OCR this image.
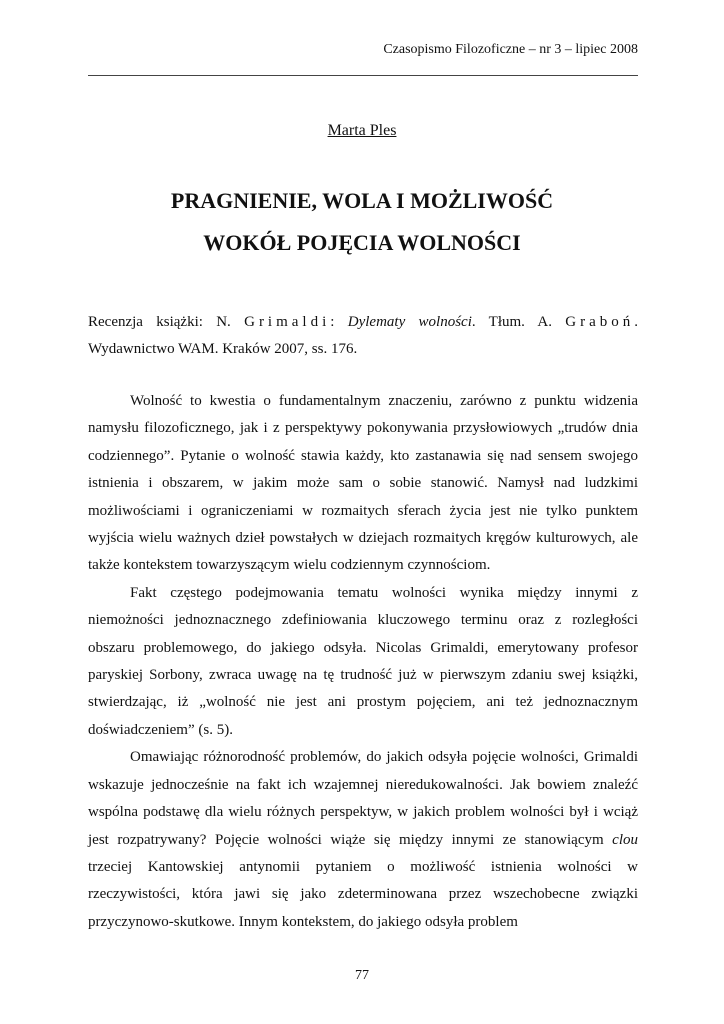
Czasopismo Filozoficzne – nr 3 – lipiec 2008
Marta Ples
PRAGNIENIE, WOLA I MOŻLIWOŚĆ
WOKÓŁ POJĘCIA WOLNOŚCI
Recenzja książki: N. Grimaldi: Dylematy wolności. Tłum. A. Graboń. Wydawnictwo WAM. Kraków 2007, ss. 176.

Wolność to kwestia o fundamentalnym znaczeniu, zarówno z punktu widzenia namysłu filozoficznego, jak i z perspektywy pokonywania przysłowiowych „trudów dnia codziennego”. Pytanie o wolność stawia każdy, kto zastanawia się nad sensem swojego istnienia i obszarem, w jakim może sam o sobie stanowić. Namysł nad ludzkimi możliwościami i ograniczeniami w rozmaitych sferach życia jest nie tylko punktem wyjścia wielu ważnych dzieł powstałych w dziejach rozmaitych kręgów kulturowych, ale także kontekstem towarzyszącym wielu codziennym czynnościom.

Fakt częstego podejmowania tematu wolności wynika między innymi z niemożności jednoznacznego zdefiniowania kluczowego terminu oraz z rozległości obszaru problemowego, do jakiego odsyła. Nicolas Grimaldi, emerytowany profesor paryskiej Sorbony, zwraca uwagę na tę trudność już w pierwszym zdaniu swej książki, stwierdzając, iż „wolność nie jest ani prostym pojęciem, ani też jednoznacznym doświadczeniem” (s. 5).

Omawiając różnorodność problemów, do jakich odsyła pojęcie wolności, Grimaldi wskazuje jednocześnie na fakt ich wzajemnej nieredukowalności. Jak bowiem znaleźć wspólna podstawę dla wielu różnych perspektyw, w jakich problem wolności był i wciąż jest rozpatrywany? Pojęcie wolności wiąże się między innymi ze stanowiącym clou trzeciej Kantowskiej antynomii pytaniem o możliwość istnienia wolności w rzeczywistości, która jawi się jako zdeterminowana przez wszechobecne związki przyczynowo-skutkowe. Innym kontekstem, do jakiego odsyła problem

77
